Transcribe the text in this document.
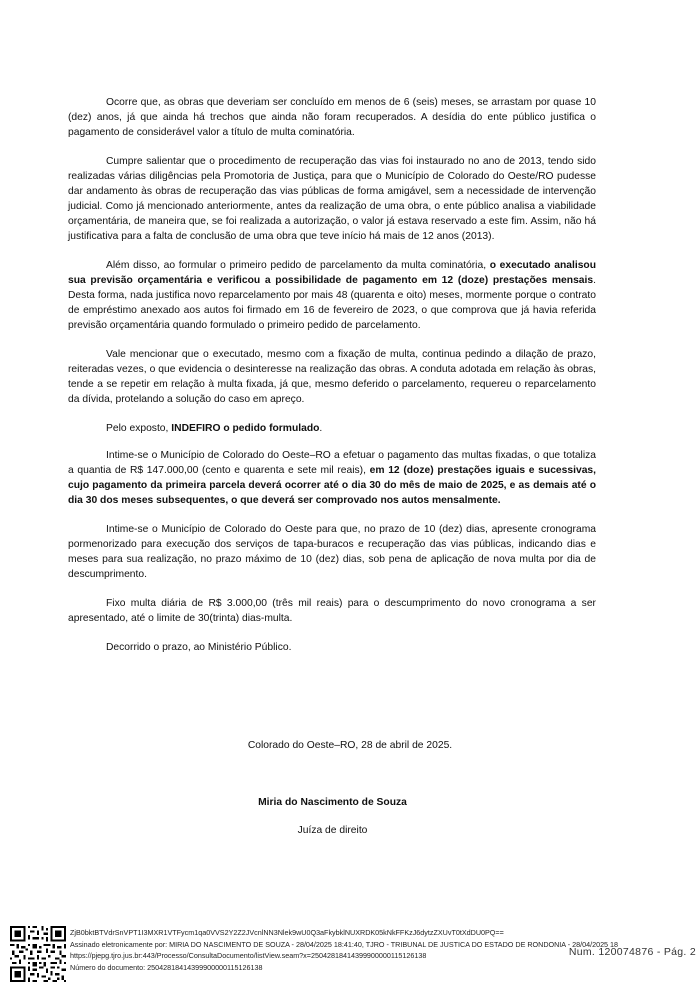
Ocorre que, as obras que deveriam ser concluído em menos de 6 (seis) meses, se arrastam por quase 10 (dez) anos, já que ainda há trechos que ainda não foram recuperados. A desídia do ente público justifica o pagamento de considerável valor a título de multa cominatória.

Cumpre salientar que o procedimento de recuperação das vias foi instaurado no ano de 2013, tendo sido realizadas várias diligências pela Promotoria de Justiça, para que o Município de Colorado do Oeste/RO pudesse dar andamento às obras de recuperação das vias públicas de forma amigável, sem a necessidade de intervenção judicial. Como já mencionado anteriormente, antes da realização de uma obra, o ente público analisa a viabilidade orçamentária, de maneira que, se foi realizada a autorização, o valor já estava reservado a este fim. Assim, não há justificativa para a falta de conclusão de uma obra que teve início há mais de 12 anos (2013).

Além disso, ao formular o primeiro pedido de parcelamento da multa cominatória, o executado analisou sua previsão orçamentária e verificou a possibilidade de pagamento em 12 (doze) prestações mensais. Desta forma, nada justifica novo reparcelamento por mais 48 (quarenta e oito) meses, mormente porque o contrato de empréstimo anexado aos autos foi firmado em 16 de fevereiro de 2023, o que comprova que já havia referida previsão orçamentária quando formulado o primeiro pedido de parcelamento.

Vale mencionar que o executado, mesmo com a fixação de multa, continua pedindo a dilação de prazo, reiteradas vezes, o que evidencia o desinteresse na realização das obras. A conduta adotada em relação às obras, tende a se repetir em relação à multa fixada, já que, mesmo deferido o parcelamento, requereu o reparcelamento da dívida, protelando a solução do caso em apreço.

Pelo exposto, INDEFIRO o pedido formulado.

Intime-se o Município de Colorado do Oeste–RO a efetuar o pagamento das multas fixadas, o que totaliza a quantia de R$ 147.000,00 (cento e quarenta e sete mil reais), em 12 (doze) prestações iguais e sucessivas, cujo pagamento da primeira parcela deverá ocorrer até o dia 30 do mês de maio de 2025, e as demais até o dia 30 dos meses subsequentes, o que deverá ser comprovado nos autos mensalmente.

Intime-se o Município de Colorado do Oeste para que, no prazo de 10 (dez) dias, apresente cronograma pormenorizado para execução dos serviços de tapa-buracos e recuperação das vias públicas, indicando dias e meses para sua realização, no prazo máximo de 10 (dez) dias, sob pena de aplicação de nova multa por dia de descumprimento.

Fixo multa diária de R$ 3.000,00 (três mil reais) para o descumprimento do novo cronograma a ser apresentado, até o limite de 30(trinta) dias-multa.

Decorrido o prazo, ao Ministério Público.

Colorado do Oeste–RO, 28 de abril de 2025.
Miria do Nascimento de Souza
Juíza de direito
ZjB0bktBTVdrSnVPT1I3MXR1VTFycm1qa0VVS2Y2Z2JVcnlNN3Nlek9wU0Q3aFkybklNUXRDK05kNkFFKzJ6dytzZXUvT0tXdDU0PQ==
Assinado eletronicamente por: MIRIA DO NASCIMENTO DE SOUZA - 28/04/2025 18:41:40, TJRO - TRIBUNAL DE JUSTICA DO ESTADO DE RONDONIA - 28/04/2025 18
https://pjepg.tjro.jus.br:443/Processo/ConsultaDocumento/listView.seam?x=25042818414399900000115126138
Número do documento: 25042818414399900000115126138
Num. 120074876 - Pág. 2
